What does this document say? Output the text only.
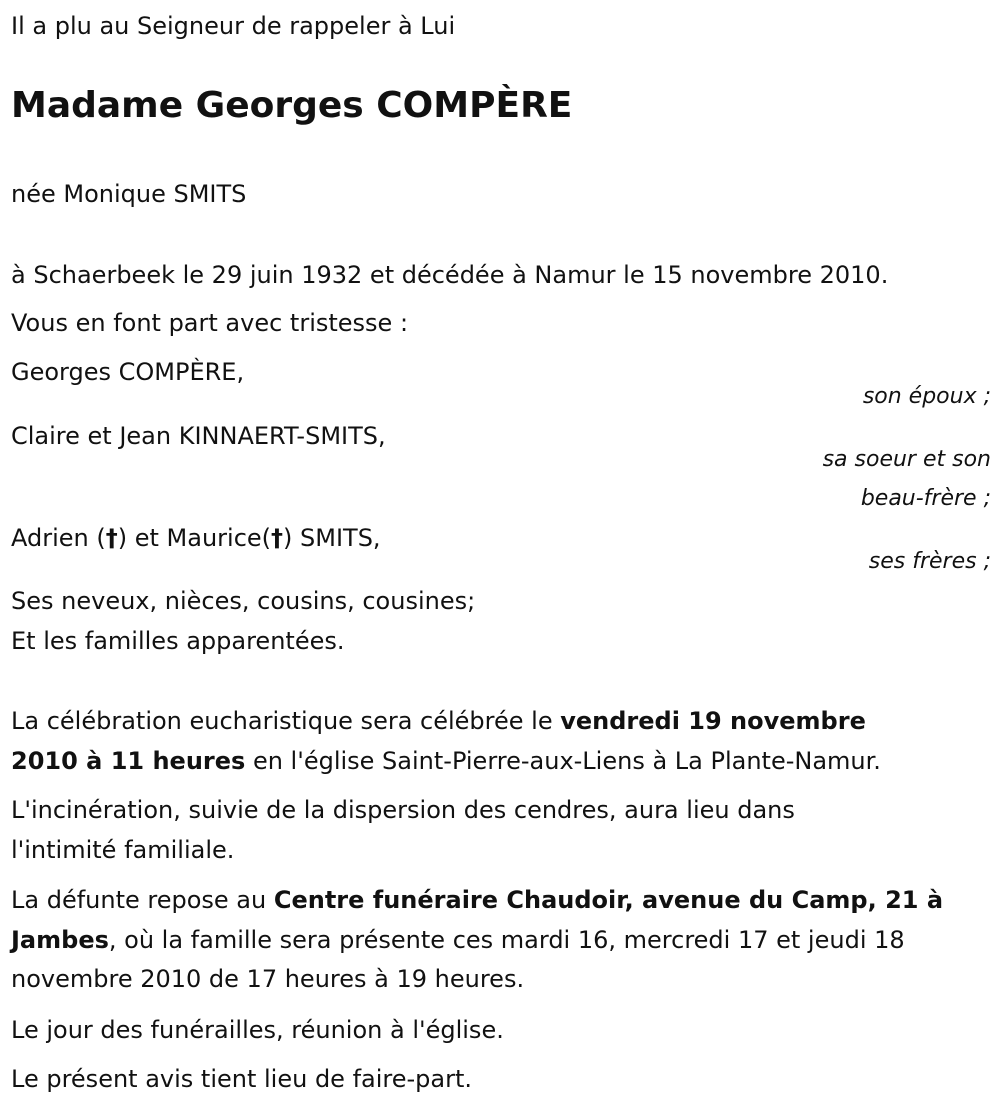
Il a plu au Seigneur de rappeler à Lui
Madame Georges COMPÈRE
née Monique SMITS
à Schaerbeek le 29 juin 1932 et décédée à Namur le 15 novembre 2010.
Vous en font part avec tristesse :
Georges COMPÈRE,
son époux ;
Claire et Jean KINNAERT-SMITS,
sa soeur et son
beau-frère ;
Adrien (†) et Maurice(†) SMITS,
ses frères ;
Ses neveux, nièces, cousins, cousines;
Et les familles apparentées.
La célébration eucharistique sera célébrée le vendredi 19 novembre
2010 à 11 heures en l'église Saint-Pierre-aux-Liens à La Plante-Namur.
L'incinération, suivie de la dispersion des cendres, aura lieu dans
l'intimité familiale.
La défunte repose au Centre funéraire Chaudoir, avenue du Camp, 21 à
Jambes, où la famille sera présente ces mardi 16, mercredi 17 et jeudi 18
novembre 2010 de 17 heures à 19 heures.
Le jour des funérailles, réunion à l'église.
Le présent avis tient lieu de faire-part.
